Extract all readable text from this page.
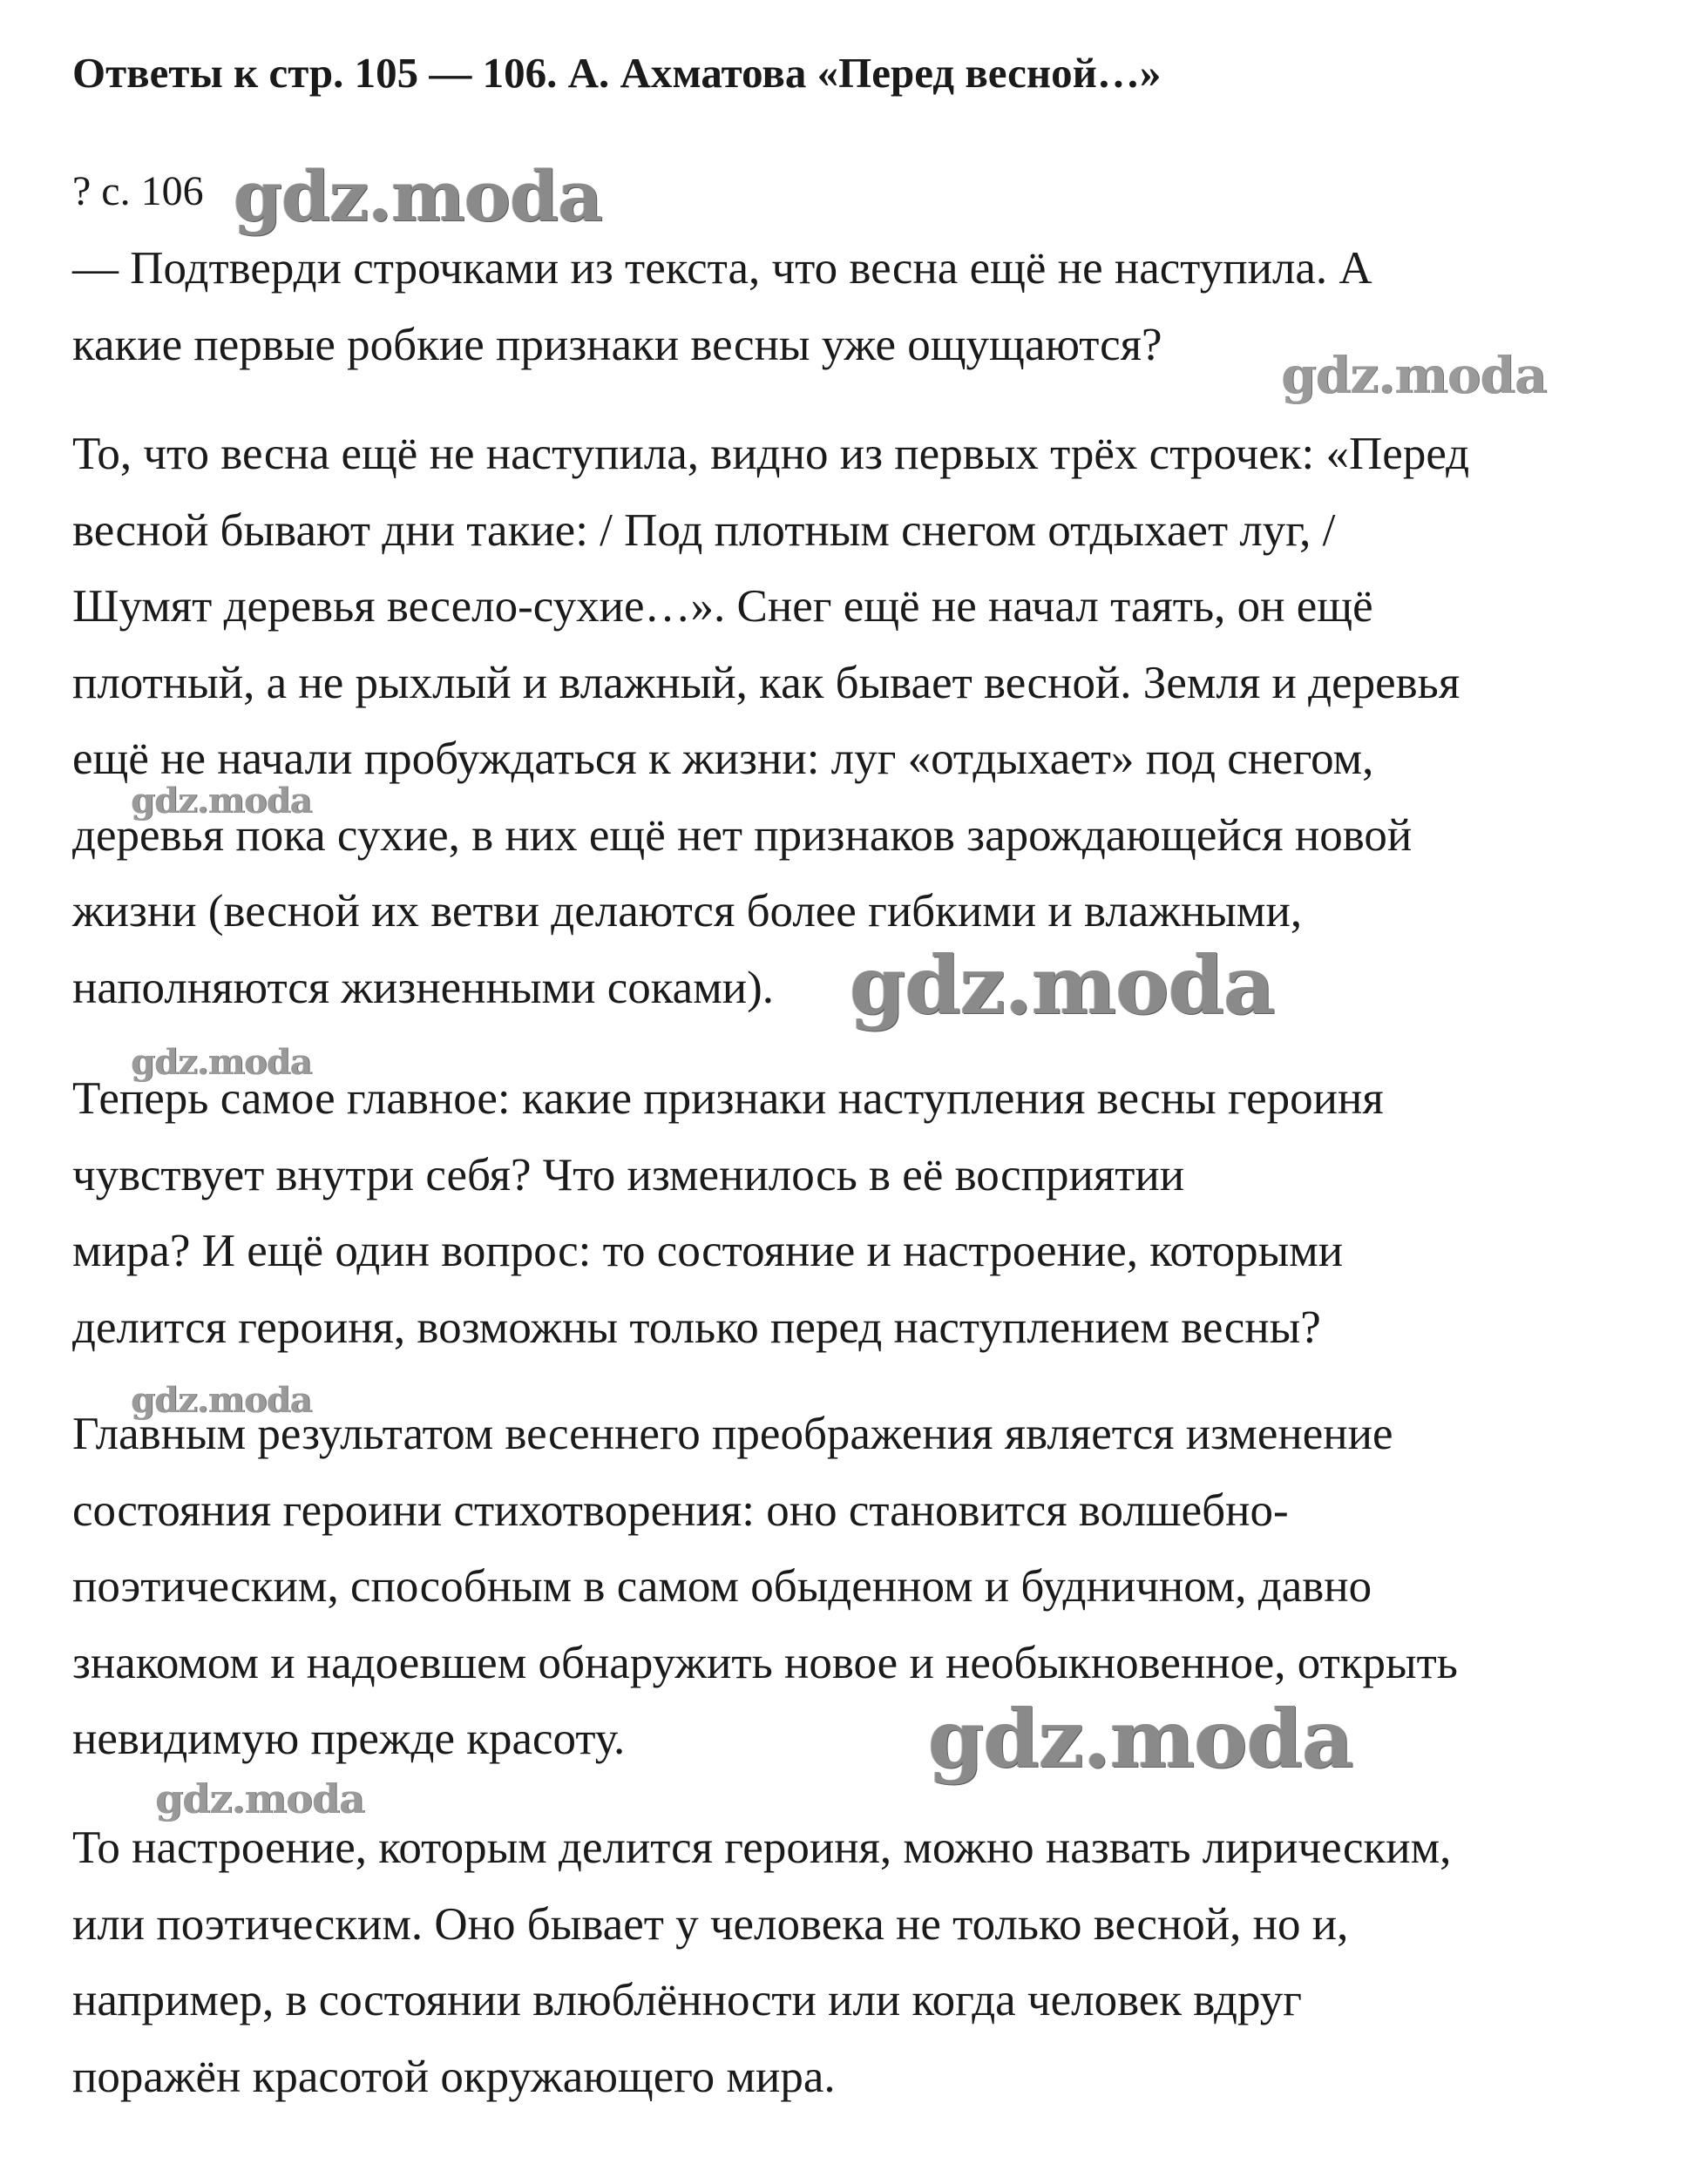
Ответы к стр. 105 — 106. А. Ахматова «Перед весной…»

? с. 106

— Подтверди строчками из текста, что весна ещё не наступила. А
какие первые робкие признаки весны уже ощущаются?

То, что весна ещё не наступила, видно из первых трёх строчек: «Перед
весной бывают дни такие: / Под плотным снегом отдыхает луг, /
Шумят деревья весело-сухие…». Снег ещё не начал таять, он ещё
плотный, а не рыхлый и влажный, как бывает весной. Земля и деревья
ещё не начали пробуждаться к жизни: луг «отдыхает» под снегом,
деревья пока сухие, в них ещё нет признаков зарождающейся новой
жизни (весной их ветви делаются более гибкими и влажными,
наполняются жизненными соками).

Теперь самое главное: какие признаки наступления весны героиня
чувствует внутри себя? Что изменилось в её восприятии
мира? И ещё один вопрос: то состояние и настроение, которыми
делится героиня, возможны только перед наступлением весны?

Главным результатом весеннего преображения является изменение
состояния героини стихотворения: оно становится волшебно-
поэтическим, способным в самом обыденном и будничном, давно
знакомом и надоевшем обнаружить новое и необыкновенное, открыть
невидимую прежде красоту.

То настроение, которым делится героиня, можно назвать лирическим,
или поэтическим. Оно бывает у человека не только весной, но и,
например, в состоянии влюблённости или когда человек вдруг
поражён красотой окружающего мира.

gdz.moda
gdz.moda
gdz.moda
gdz.moda
gdz.moda
gdz.moda
gdz.moda
gdz.moda
